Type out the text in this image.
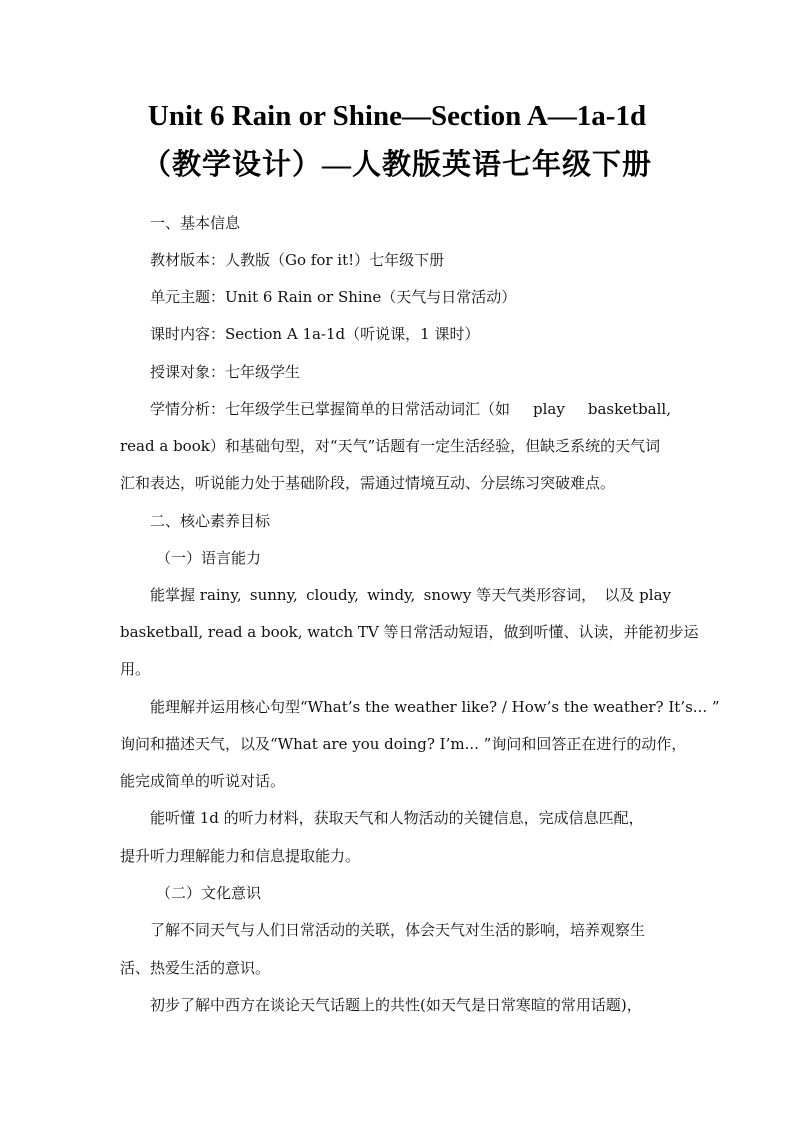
Unit 6 Rain or Shine—Section A—1a-1d
（教学设计）—人教版英语七年级下册
一、基本信息
教材版本：人教版（Go for it!）七年级下册
单元主题：Unit 6 Rain or Shine（天气与日常活动）
课时内容：Section A 1a-1d（听说课，1 课时）
授课对象：七年级学生
学情分析：七年级学生已掌握简单的日常活动词汇（如 play basketball,
read a book）和基础句型，对“天气”话题有一定生活经验，但缺乏系统的天气词
汇和表达，听说能力处于基础阶段，需通过情境互动、分层练习突破难点。
二、核心素养目标
（一）语言能力
能掌握 rainy, sunny, cloudy, windy, snowy 等天气类形容词， 以及 play
basketball, read a book, watch TV 等日常活动短语，做到听懂、认读，并能初步运
用。
能理解并运用核心句型“What’s the weather like? / How’s the weather? It’s... ”
询问和描述天气，以及“What are you doing? I’m... ”询问和回答正在进行的动作，
能完成简单的听说对话。
能听懂 1d 的听力材料，获取天气和人物活动的关键信息，完成信息匹配，
提升听力理解能力和信息提取能力。
（二）文化意识
了解不同天气与人们日常活动的关联，体会天气对生活的影响，培养观察生
活、热爱生活的意识。
初步了解中西方在谈论天气话题上的共性(如天气是日常寒暄的常用话题)，
